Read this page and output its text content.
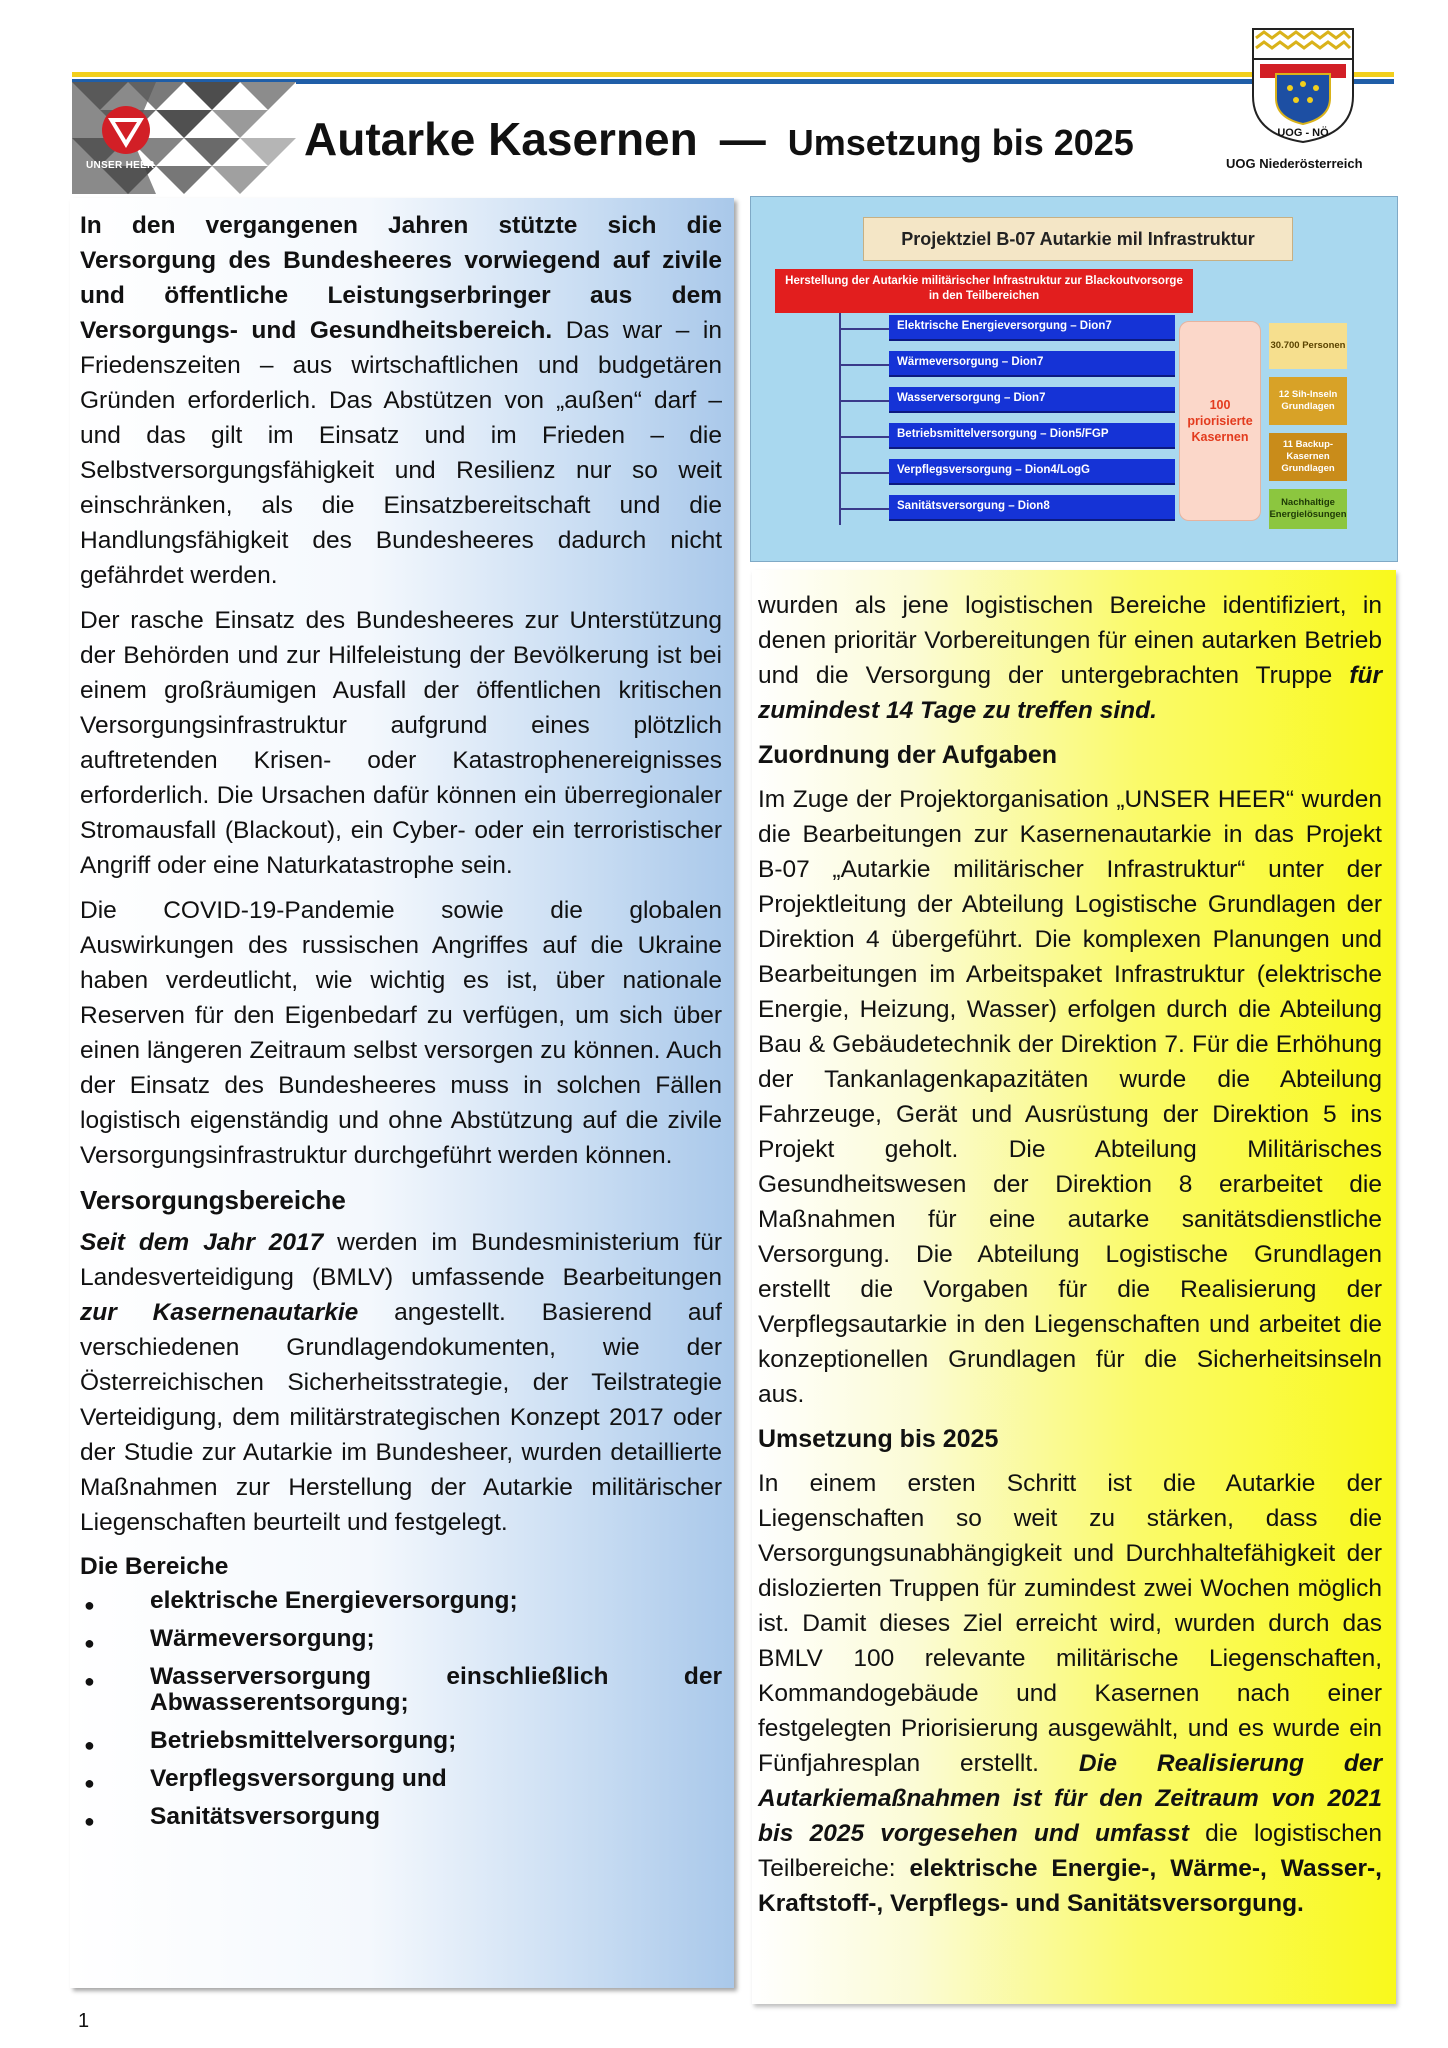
UNSER HEER
Autarke Kasernen — Umsetzung bis 2025	UOG - NÖ
UOG Niederösterreich

In den vergangenen Jahren stützte sich die Versorgung des Bundesheeres vorwiegend auf zivile und öffentliche Leistungserbringer aus dem Versorgungs- und Gesundheitsbereich. Das war – in Friedenszeiten – aus wirtschaftlichen und budgetären Gründen erforderlich. Das Abstützen von „außen“ darf – und das gilt im Einsatz und im Frieden – die Selbstversorgungsfähigkeit und Resilienz nur so weit einschränken, als die Einsatzbereitschaft und die Handlungsfähigkeit des Bundesheeres dadurch nicht gefährdet werden.

Der rasche Einsatz des Bundesheeres zur Unterstützung der Behörden und zur Hilfeleistung der Bevölkerung ist bei einem großräumigen Ausfall der öffentlichen kritischen Versorgungsinfrastruktur aufgrund eines plötzlich auftretenden Krisen- oder Katastrophenereignisses erforderlich. Die Ursachen dafür können ein überregionaler Stromausfall (Blackout), ein Cyber- oder ein terroristischer Angriff oder eine Naturkatastrophe sein.

Die COVID-19-Pandemie sowie die globalen Auswirkungen des russischen Angriffes auf die Ukraine haben verdeutlicht, wie wichtig es ist, über nationale Reserven für den Eigenbedarf zu verfügen, um sich über einen längeren Zeitraum selbst versorgen zu können. Auch der Einsatz des Bundesheeres muss in solchen Fällen logistisch eigenständig und ohne Abstützung auf die zivile Versorgungsinfrastruktur durchgeführt werden können.

Versorgungsbereiche

Seit dem Jahr 2017 werden im Bundesministerium für Landesverteidigung (BMLV) umfassende Bearbeitungen zur Kasernenautarkie angestellt. Basierend auf verschiedenen Grundlagendokumenten, wie der Österreichischen Sicherheitsstrategie, der Teilstrategie Verteidigung, dem militärstrategischen Konzept 2017 oder der Studie zur Autarkie im Bundesheer, wurden detaillierte Maßnahmen zur Herstellung der Autarkie militärischer Liegenschaften beurteilt und festgelegt.

Die Bereiche
● elektrische Energieversorgung;
● Wärmeversorgung;
● Wasserversorgung einschließlich der Abwasserentsorgung;
● Betriebsmittelversorgung;
● Verpflegsversorgung und
● Sanitätsversorgung
Projektziel B-07 Autarkie mil Infrastruktur
Herstellung der Autarkie militärischer Infrastruktur zur Blackoutvorsorge in den Teilbereichen
Elektrische Energieversorgung – Dion7
Wärmeversorgung – Dion7
Wasserversorgung – Dion7
Betriebsmittelversorgung – Dion5/FGP
Verpflegsversorgung – Dion4/LogG
Sanitätsversorgung – Dion8
100 priorisierte Kasernen
30.700 Personen
12 Sih-Inseln Grundlagen
11 Backup-Kasernen Grundlagen
Nachhaltige Energielösungen

wurden als jene logistischen Bereiche identifiziert, in denen prioritär Vorbereitungen für einen autarken Betrieb und die Versorgung der untergebrachten Truppe für zumindest 14 Tage zu treffen sind.

Zuordnung der Aufgaben

Im Zuge der Projektorganisation „UNSER HEER“ wurden die Bearbeitungen zur Kasernenautarkie in das Projekt B-07 „Autarkie militärischer Infrastruktur“ unter der Projektleitung der Abteilung Logistische Grundlagen der Direktion 4 übergeführt. Die komplexen Planungen und Bearbeitungen im Arbeitspaket Infrastruktur (elektrische Energie, Heizung, Wasser) erfolgen durch die Abteilung Bau & Gebäudetechnik der Direktion 7. Für die Erhöhung der Tankanlagenkapazitäten wurde die Abteilung Fahrzeuge, Gerät und Ausrüstung der Direktion 5 ins Projekt geholt. Die Abteilung Militärisches Gesundheitswesen der Direktion 8 erarbeitet die Maßnahmen für eine autarke sanitätsdienstliche Versorgung. Die Abteilung Logistische Grundlagen erstellt die Vorgaben für die Realisierung der Verpflegsautarkie in den Liegenschaften und arbeitet die konzeptionellen Grundlagen für die Sicherheitsinseln aus.

Umsetzung bis 2025

In einem ersten Schritt ist die Autarkie der Liegenschaften so weit zu stärken, dass die Versorgungsunabhängigkeit und Durchhaltefähigkeit der dislozierten Truppen für zumindest zwei Wochen möglich ist. Damit dieses Ziel erreicht wird, wurden durch das BMLV 100 relevante militärische Liegenschaften, Kommandogebäude und Kasernen nach einer festgelegten Priorisierung ausgewählt, und es wurde ein Fünfjahresplan erstellt. Die Realisierung der Autarkiemaßnahmen ist für den Zeitraum von 2021 bis 2025 vorgesehen und umfasst die logistischen Teilbereiche: elektrische Energie-, Wärme-, Wasser-, Kraftstoff-, Verpflegs- und Sanitätsversorgung.

1
